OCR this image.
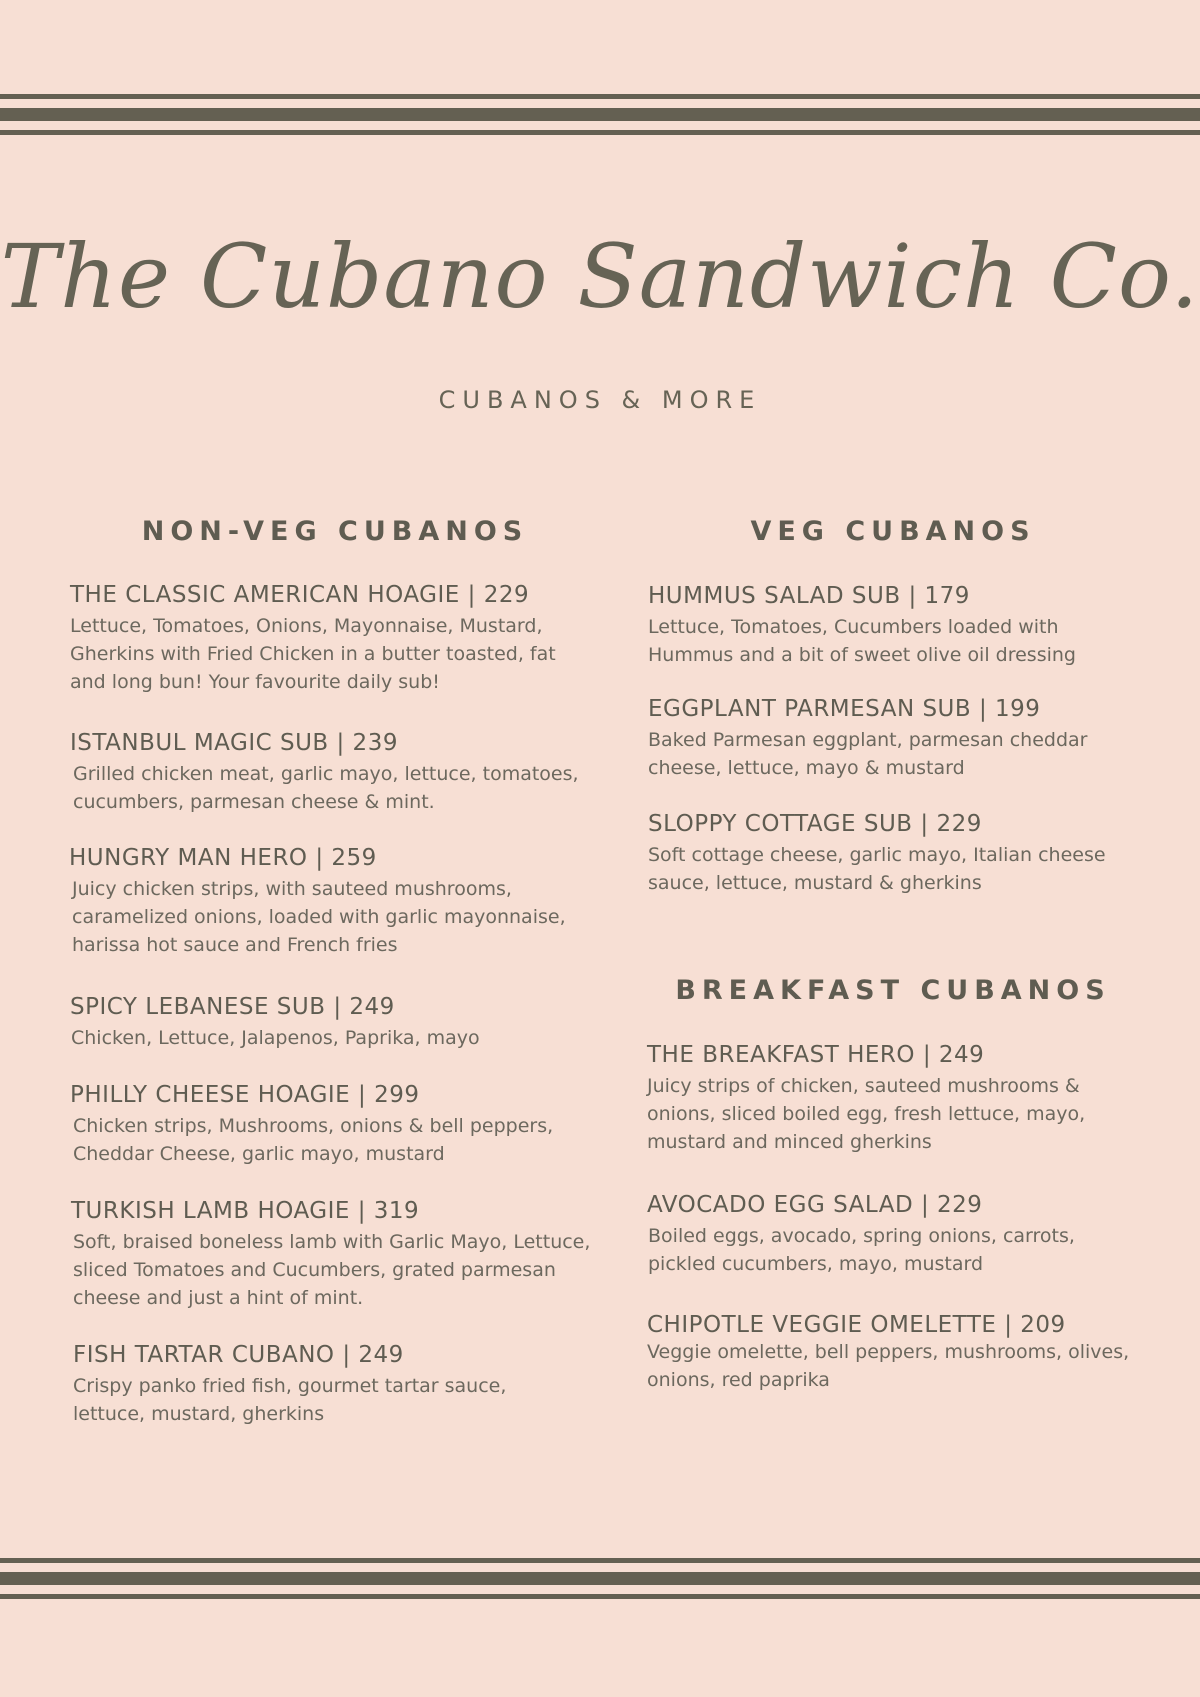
The Cubano Sandwich Co.
CUBANOS & MORE
NON-VEG CUBANOS
THE CLASSIC AMERICAN HOAGIE | 229
Lettuce, Tomatoes, Onions, Mayonnaise, Mustard, Gherkins with Fried Chicken in a butter toasted, fat and long bun! Your favourite daily sub!
ISTANBUL MAGIC SUB | 239
Grilled chicken meat, garlic mayo, lettuce, tomatoes, cucumbers, parmesan cheese & mint.
HUNGRY MAN HERO | 259
Juicy chicken strips, with sauteed mushrooms, caramelized onions, loaded with garlic mayonnaise, harissa hot sauce and French fries
SPICY LEBANESE SUB | 249
Chicken, Lettuce, Jalapenos, Paprika, mayo
PHILLY CHEESE HOAGIE | 299
Chicken strips, Mushrooms, onions & bell peppers, Cheddar Cheese, garlic mayo, mustard
TURKISH LAMB HOAGIE | 319
Soft, braised boneless lamb with Garlic Mayo, Lettuce, sliced Tomatoes and Cucumbers, grated parmesan cheese and just a hint of mint.
FISH TARTAR CUBANO | 249
Crispy panko fried fish, gourmet tartar sauce, lettuce, mustard, gherkins
VEG CUBANOS
HUMMUS SALAD SUB | 179
Lettuce, Tomatoes, Cucumbers loaded with Hummus and a bit of sweet olive oil dressing
EGGPLANT PARMESAN SUB | 199
Baked Parmesan eggplant, parmesan cheddar cheese, lettuce, mayo & mustard
SLOPPY COTTAGE SUB | 229
Soft cottage cheese, garlic mayo, Italian cheese sauce, lettuce, mustard & gherkins
BREAKFAST CUBANOS
THE BREAKFAST HERO | 249
Juicy strips of chicken, sauteed mushrooms & onions, sliced boiled egg, fresh lettuce, mayo, mustard and minced gherkins
AVOCADO EGG SALAD | 229
Boiled eggs, avocado, spring onions, carrots, pickled cucumbers, mayo, mustard
CHIPOTLE VEGGIE OMELETTE | 209
Veggie omelette, bell peppers, mushrooms, olives, onions, red paprika
